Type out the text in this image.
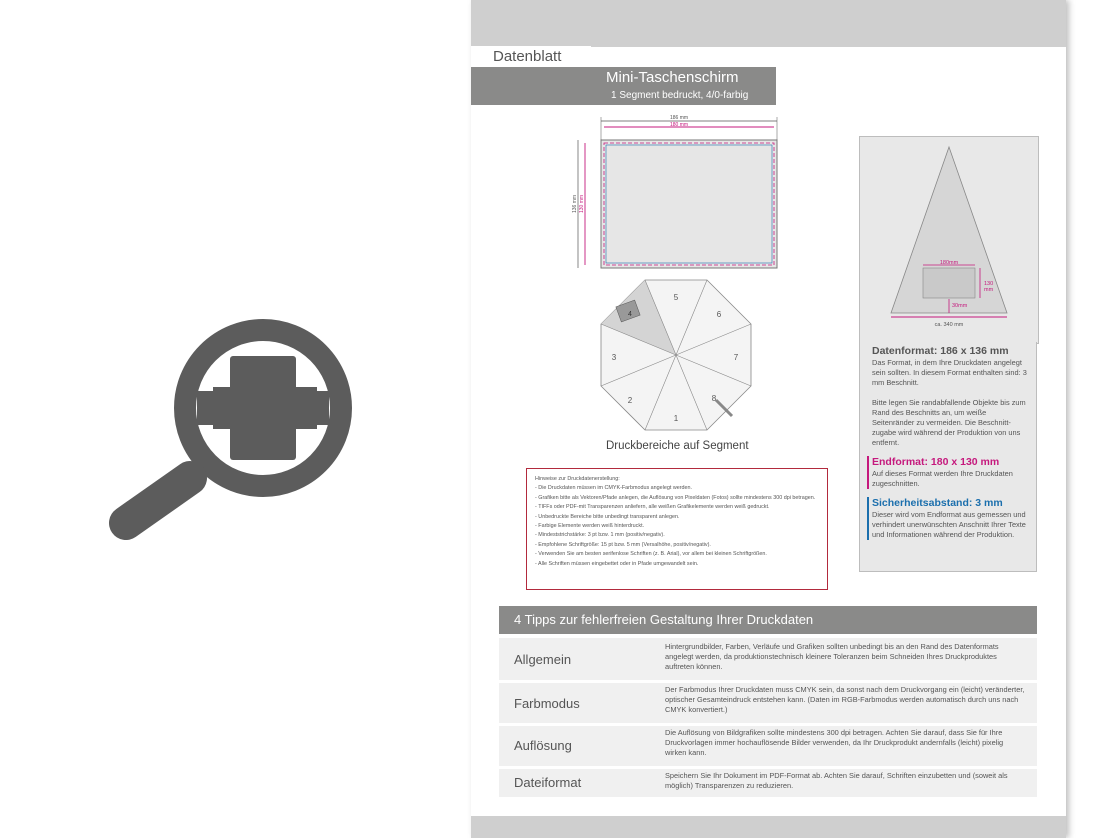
Datenblatt
Mini-Taschenschirm
1 Segment bedruckt, 4/0-farbig
186 mm
180 mm
136 mm 130 mm
1
2
3
4
5
6
7
8
Druckbereiche auf Segment
180mm
130
mm
30mm
ca. 340 mm
Datenformat: 186 x 136 mm
Das Format, in dem Ihre Druckdaten angelegt sein sollten. In diesem Format enthalten sind: 3 mm Beschnitt.
Bitte legen Sie randabfallende Objekte bis zum Rand des Beschnitts an, um weiße Seitenränder zu vermeiden. Die Beschnitt-zugabe wird während der Produktion von uns entfernt.
Endformat: 180 x 130 mm
Auf dieses Format werden Ihre Druckdaten zugeschnitten.
Sicherheitsabstand: 3 mm
Dieser wird vom Endformat aus gemessen und verhindert unerwünschten Anschnitt Ihrer Texte und Informationen während der Produktion.
Hinweise zur Druckdatenerstellung:
- Die Druckdaten müssen im CMYK-Farbmodus angelegt werden.
- Grafiken bitte als Vektoren/Pfade anlegen, die Auflösung von Pixeldaten (Fotos) sollte mindestens 300 dpi betragen.
- TIFFs oder PDF-mit Transparenzen anliefern, alle weißen Grafikelemente werden weiß gedruckt.
- Unbedruckte Bereiche bitte unbedingt transparent anlegen.
- Farbige Elemente werden weiß hinterdruckt.
- Mindeststrichstärke: 3 pt bzw. 1 mm (positiv/negativ).
- Empfohlene Schriftgröße: 15 pt bzw. 5 mm (Versalhöhe, positiv/negativ).
- Verwenden Sie am besten serifenlose Schriften (z. B. Arial), vor allem bei kleinen Schriftgrößen.
- Alle Schriften müssen eingebettet oder in Pfade umgewandelt sein.
4 Tipps zur fehlerfreien Gestaltung Ihrer Druckdaten
Allgemein
Hintergrundbilder, Farben, Verläufe und Grafiken sollten unbedingt bis an den Rand des Datenformats angelegt werden, da produktionstechnisch kleinere Toleranzen beim Schneiden Ihres Druckproduktes auftreten können.
Farbmodus
Der Farbmodus Ihrer Druckdaten muss CMYK sein, da sonst nach dem Druckvorgang ein (leicht) veränderter, optischer Gesamteindruck entstehen kann. (Daten im RGB-Farbmodus werden automatisch durch uns nach CMYK konvertiert.)
Auflösung
Die Auflösung von Bildgrafiken sollte mindestens 300 dpi betragen. Achten Sie darauf, dass Sie für Ihre Druckvorlagen immer hochauflösende Bilder verwenden, da Ihr Druckprodukt andernfalls (leicht) pixelig wirken kann.
Dateiformat	Speichern Sie Ihr Dokument im PDF-Format ab. Achten Sie darauf, Schriften einzubetten und (soweit als möglich) Transparenzen zu reduzieren.
